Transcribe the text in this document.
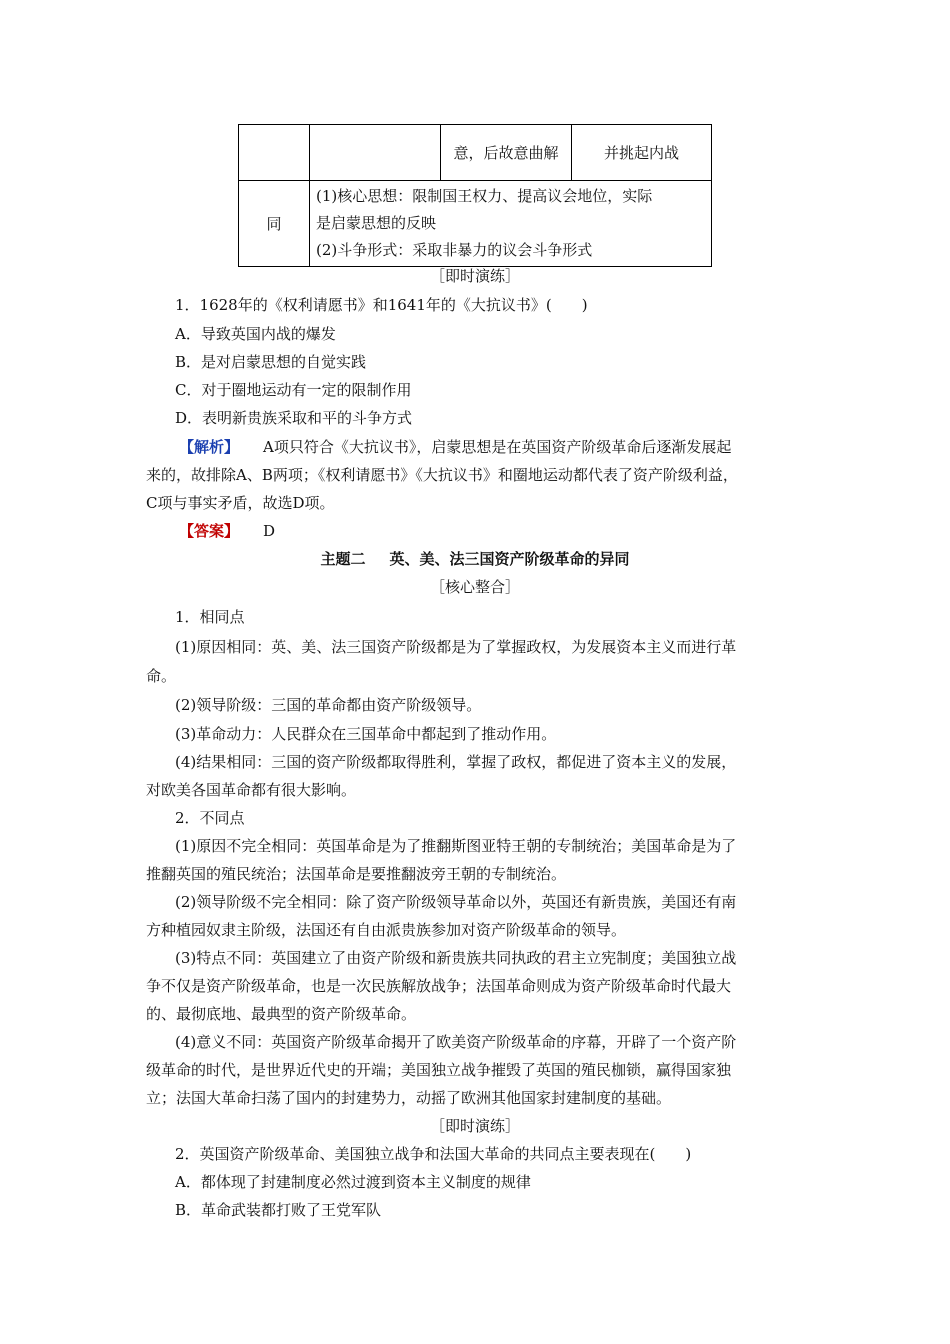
		意，后故意曲解	并挑起内战
同	(1)核心思想：限制国王权力、提高议会地位，实际
是启蒙思想的反映
(2)斗争形式：采取非暴力的议会斗争形式		
［即时演练］
1．1628年的《权利请愿书》和1641年的《大抗议书》(　　)
A．导致英国内战的爆发
B．是对启蒙思想的自觉实践
C．对于圈地运动有一定的限制作用
D．表明新贵族采取和平的斗争方式
【解析】 A项只符合《大抗议书》，启蒙思想是在英国资产阶级革命后逐渐发展起
来的，故排除A、B两项；《权利请愿书》《大抗议书》和圈地运动都代表了资产阶级利益，
C项与事实矛盾，故选D项。
【答案】 D
主题二 英、美、法三国资产阶级革命的异同
［核心整合］
1．相同点
(1)原因相同：英、美、法三国资产阶级都是为了掌握政权，为发展资本主义而进行革
命。
(2)领导阶级：三国的革命都由资产阶级领导。
(3)革命动力：人民群众在三国革命中都起到了推动作用。
(4)结果相同：三国的资产阶级都取得胜利，掌握了政权，都促进了资本主义的发展，
对欧美各国革命都有很大影响。
2．不同点
(1)原因不完全相同：英国革命是为了推翻斯图亚特王朝的专制统治；美国革命是为了
推翻英国的殖民统治；法国革命是要推翻波旁王朝的专制统治。
(2)领导阶级不完全相同：除了资产阶级领导革命以外，英国还有新贵族，美国还有南
方种植园奴隶主阶级，法国还有自由派贵族参加对资产阶级革命的领导。
(3)特点不同：英国建立了由资产阶级和新贵族共同执政的君主立宪制度；美国独立战
争不仅是资产阶级革命，也是一次民族解放战争；法国革命则成为资产阶级革命时代最大
的、最彻底地、最典型的资产阶级革命。
(4)意义不同：英国资产阶级革命揭开了欧美资产阶级革命的序幕，开辟了一个资产阶
级革命的时代，是世界近代史的开端；美国独立战争摧毁了英国的殖民枷锁，赢得国家独
立；法国大革命扫荡了国内的封建势力，动摇了欧洲其他国家封建制度的基础。
［即时演练］
2．英国资产阶级革命、美国独立战争和法国大革命的共同点主要表现在(　　)
A．都体现了封建制度必然过渡到资本主义制度的规律
B．革命武装都打败了王党军队
